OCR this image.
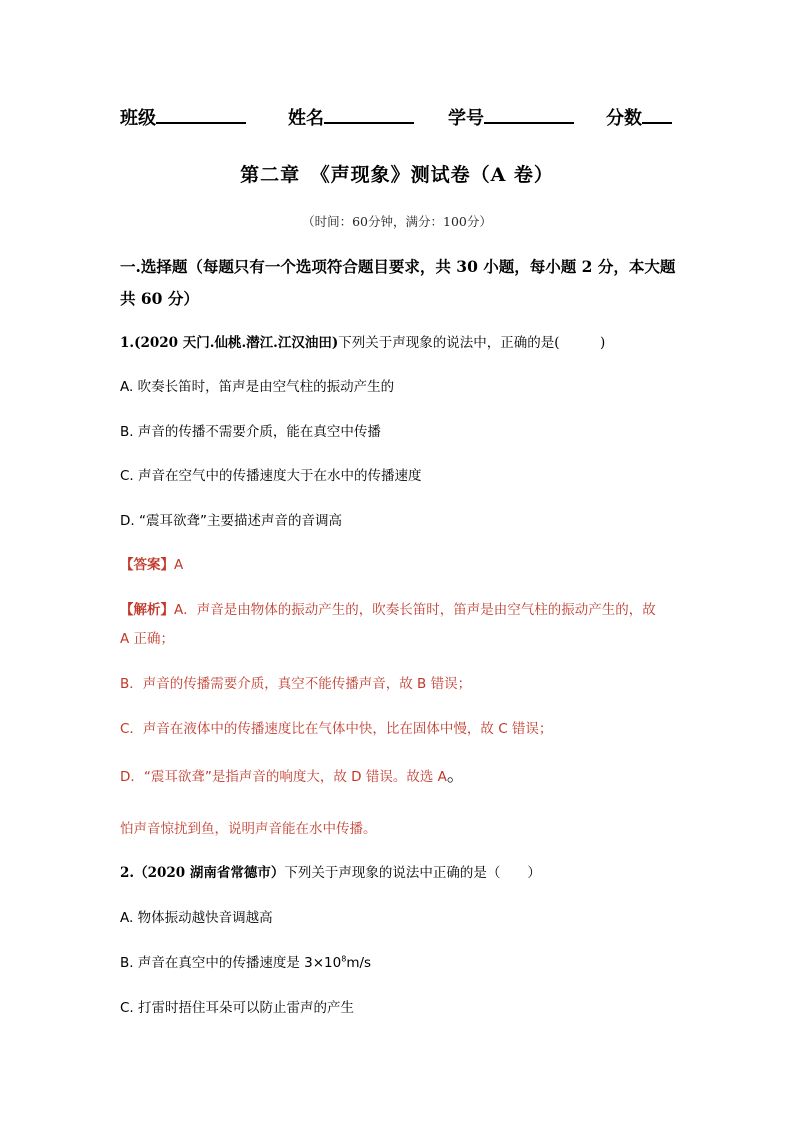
班级	姓名	学号	分数
第二章　《声现象》测试卷（A 卷）
（时间：60分钟，满分：100分）
一.选择题（每题只有一个选项符合题目要求，共 30 小题，每小题 2 分，本大题
共 60 分）
1.(2020 天门.仙桃.潜江.江汉油田)下列关于声现象的说法中，正确的是(　　　)
A. 吹奏长笛时，笛声是由空气柱的振动产生的
B. 声音的传播不需要介质，能在真空中传播
C. 声音在空气中的传播速度大于在水中的传播速度
D. “震耳欲聋”主要描述声音的音调高
【答案】A
【解析】A．声音是由物体的振动产生的，吹奏长笛时，笛声是由空气柱的振动产生的，故
A 正确；
B．声音的传播需要介质，真空不能传播声音，故 B 错误；
C．声音在液体中的传播速度比在气体中快，比在固体中慢，故 C 错误；
D．“震耳欲聋”是指声音的响度大，故 D 错误。故选 A。
怕声音惊扰到鱼，说明声音能在水中传播。
2.（2020 湖南省常德市）下列关于声现象的说法中正确的是（　　）
A. 物体振动越快音调越高
B. 声音在真空中的传播速度是 $3\times 10^8m/s$
C. 打雷时捂住耳朵可以防止雷声的产生
